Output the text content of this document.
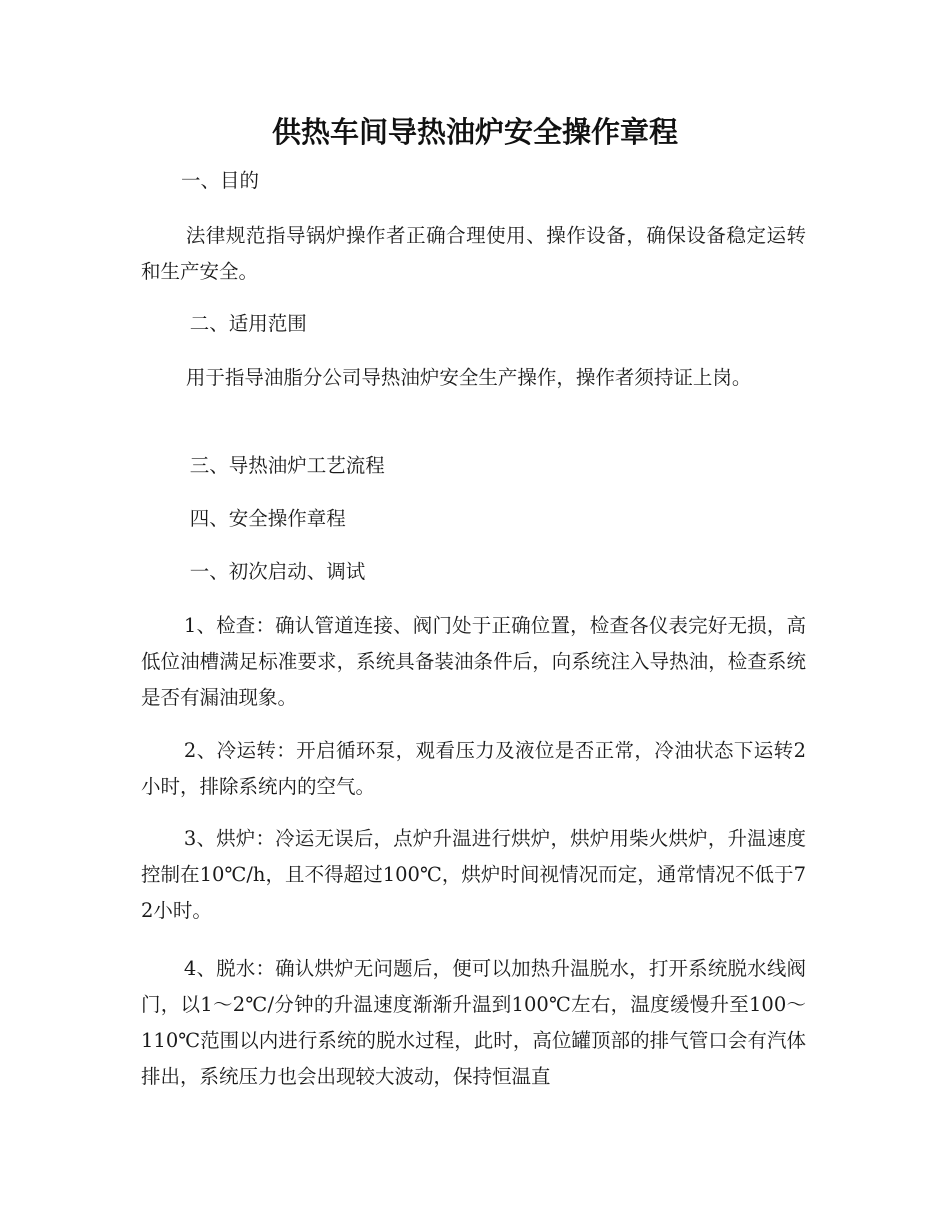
供热车间导热油炉安全操作章程

一、目的

法律规范指导锅炉操作者正确合理使用、操作设备，确保设备稳定运转和生产安全。

二、适用范围

用于指导油脂分公司导热油炉安全生产操作，操作者须持证上岗。

三、导热油炉工艺流程

四、安全操作章程

一、初次启动、调试

1、检查：确认管道连接、阀门处于正确位置，检查各仪表完好无损，高低位油槽满足标准要求，系统具备装油条件后，向系统注入导热油，检查系统是否有漏油现象。

2、冷运转：开启循环泵，观看压力及液位是否正常，冷油状态下运转2小时，排除系统内的空气。

3、烘炉：冷运无误后，点炉升温进行烘炉，烘炉用柴火烘炉，升温速度控制在10℃/h，且不得超过100℃，烘炉时间视情况而定，通常情况不低于72小时。

4、脱水：确认烘炉无问题后，便可以加热升温脱水，打开系统脱水线阀门，以1～2℃/分钟的升温速度渐渐升温到100℃左右，温度缓慢升至100～110℃范围以内进行系统的脱水过程，此时，高位罐顶部的排气管口会有汽体排出，系统压力也会出现较大波动，保持恒温直
